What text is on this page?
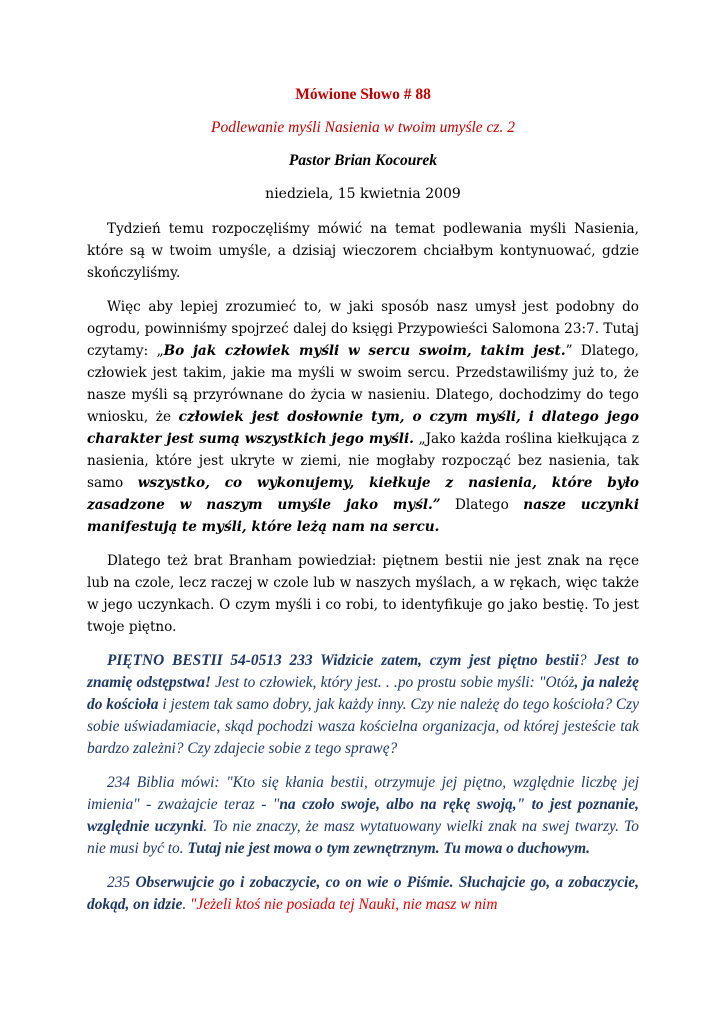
Mówione Słowo # 88
Podlewanie myśli Nasienia w twoim umyśle cz. 2
Pastor Brian Kocourek
niedziela, 15 kwietnia 2009

Tydzień temu rozpoczęliśmy mówić na temat podlewania myśli Nasienia, które są w twoim umyśle, a dzisiaj wieczorem chciałbym kontynuować, gdzie skończyliśmy.

Więc aby lepiej zrozumieć to, w jaki sposób nasz umysł jest podobny do ogrodu, powinniśmy spojrzeć dalej do księgi Przypowieści Salomona 23:7. Tutaj czytamy: „Bo jak człowiek myśli w sercu swoim, takim jest.” Dlatego, człowiek jest takim, jakie ma myśli w swoim sercu. Przedstawiliśmy już to, że nasze myśli są przyrównane do życia w nasieniu. Dlatego, dochodzimy do tego wniosku, że człowiek jest dosłownie tym, o czym myśli, i dlatego jego charakter jest sumą wszystkich jego myśli. „Jako każda roślina kiełkująca z nasienia, które jest ukryte w ziemi, nie mogłaby rozpocząć bez nasienia, tak samo wszystko, co wykonujemy, kiełkuje z nasienia, które było zasadzone w naszym umyśle jako myśl.” Dlatego nasze uczynki manifestują te myśli, które leżą nam na sercu.

Dlatego też brat Branham powiedział: piętnem bestii nie jest znak na ręce lub na czole, lecz raczej w czole lub w naszych myślach, a w rękach, więc także w jego uczynkach. O czym myśli i co robi, to identyfikuje go jako bestię. To jest twoje piętno.

PIĘTNO BESTII 54-0513 233 Widzicie zatem, czym jest piętno bestii? Jest to znamię odstępstwa! Jest to człowiek, który jest. . .po prostu sobie myśli: "Otóż, ja należę do kościoła i jestem tak samo dobry, jak każdy inny. Czy nie należę do tego kościoła? Czy sobie uświadamiacie, skąd pochodzi wasza kościelna organizacja, od której jesteście tak bardzo zależni? Czy zdajecie sobie z tego sprawę?

234 Biblia mówi: "Kto się kłania bestii, otrzymuje jej piętno, względnie liczbę jej imienia" - zważajcie teraz - "na czoło swoje, albo na rękę swoją," to jest poznanie, względnie uczynki. To nie znaczy, że masz wytatuowany wielki znak na swej twarzy. To nie musi być to. Tutaj nie jest mowa o tym zewnętrznym. Tu mowa o duchowym.

235 Obserwujcie go i zobaczycie, co on wie o Piśmie. Słuchajcie go, a zobaczycie, dokąd, on idzie. "Jeżeli ktoś nie posiada tej Nauki, nie masz w nim
